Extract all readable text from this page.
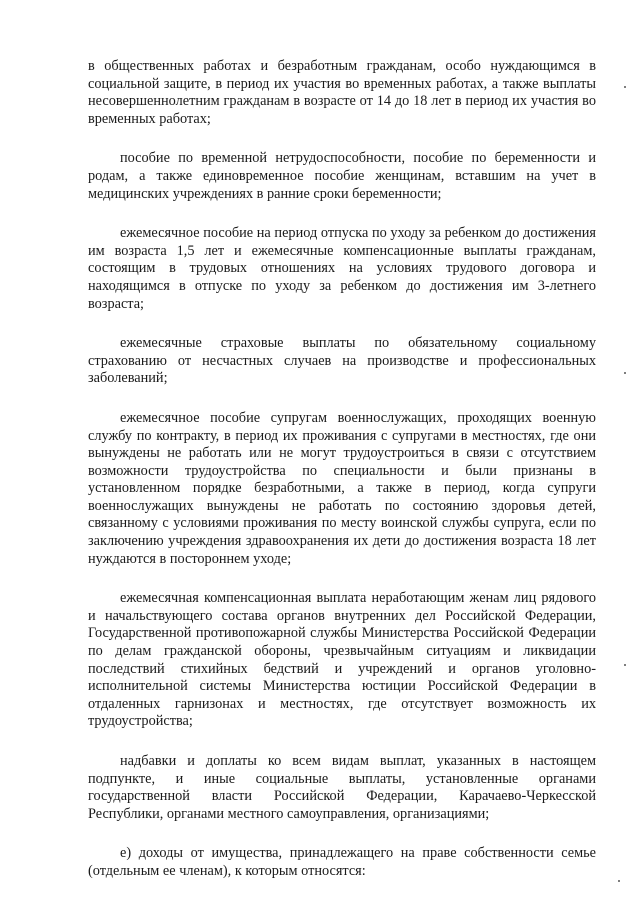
в общественных работах и безработным гражданам, особо нуждающимся в социальной защите, в период их участия во временных работах, а также выплаты несовершеннолетним гражданам в возрасте от 14 до 18 лет в период их участия во временных работах;

пособие по временной нетрудоспособности, пособие по беременности и родам, а также единовременное пособие женщинам, вставшим на учет в медицинских учреждениях в ранние сроки беременности;

ежемесячное пособие на период отпуска по уходу за ребенком до достижения им возраста 1,5 лет и ежемесячные компенсационные выплаты гражданам, состоящим в трудовых отношениях на условиях трудового договора и находящимся в отпуске по уходу за ребенком до достижения им 3-летнего возраста;

ежемесячные страховые выплаты по обязательному социальному страхованию от несчастных случаев на производстве и профессиональных заболеваний;

ежемесячное пособие супругам военнослужащих, проходящих военную службу по контракту, в период их проживания с супругами в местностях, где они вынуждены не работать или не могут трудоустроиться в связи с отсутствием возможности трудоустройства по специальности и были признаны в установленном порядке безработными, а также в период, когда супруги военнослужащих вынуждены не работать по состоянию здоровья детей, связанному с условиями проживания по месту воинской службы супруга, если по заключению учреждения здравоохранения их дети до достижения возраста 18 лет нуждаются в постороннем уходе;

ежемесячная компенсационная выплата неработающим женам лиц рядового и начальствующего состава органов внутренних дел Российской Федерации, Государственной противопожарной службы Министерства Российской Федерации по делам гражданской обороны, чрезвычайным ситуациям и ликвидации последствий стихийных бедствий и учреждений и органов уголовно-исполнительной системы Министерства юстиции Российской Федерации в отдаленных гарнизонах и местностях, где отсутствует возможность их трудоустройства;

надбавки и доплаты ко всем видам выплат, указанных в настоящем подпункте, и иные социальные выплаты, установленные органами государственной власти Российской Федерации, Карачаево-Черкесской Республики, органами местного самоуправления, организациями;

е) доходы от имущества, принадлежащего на праве собственности семье (отдельным ее членам), к которым относятся:
